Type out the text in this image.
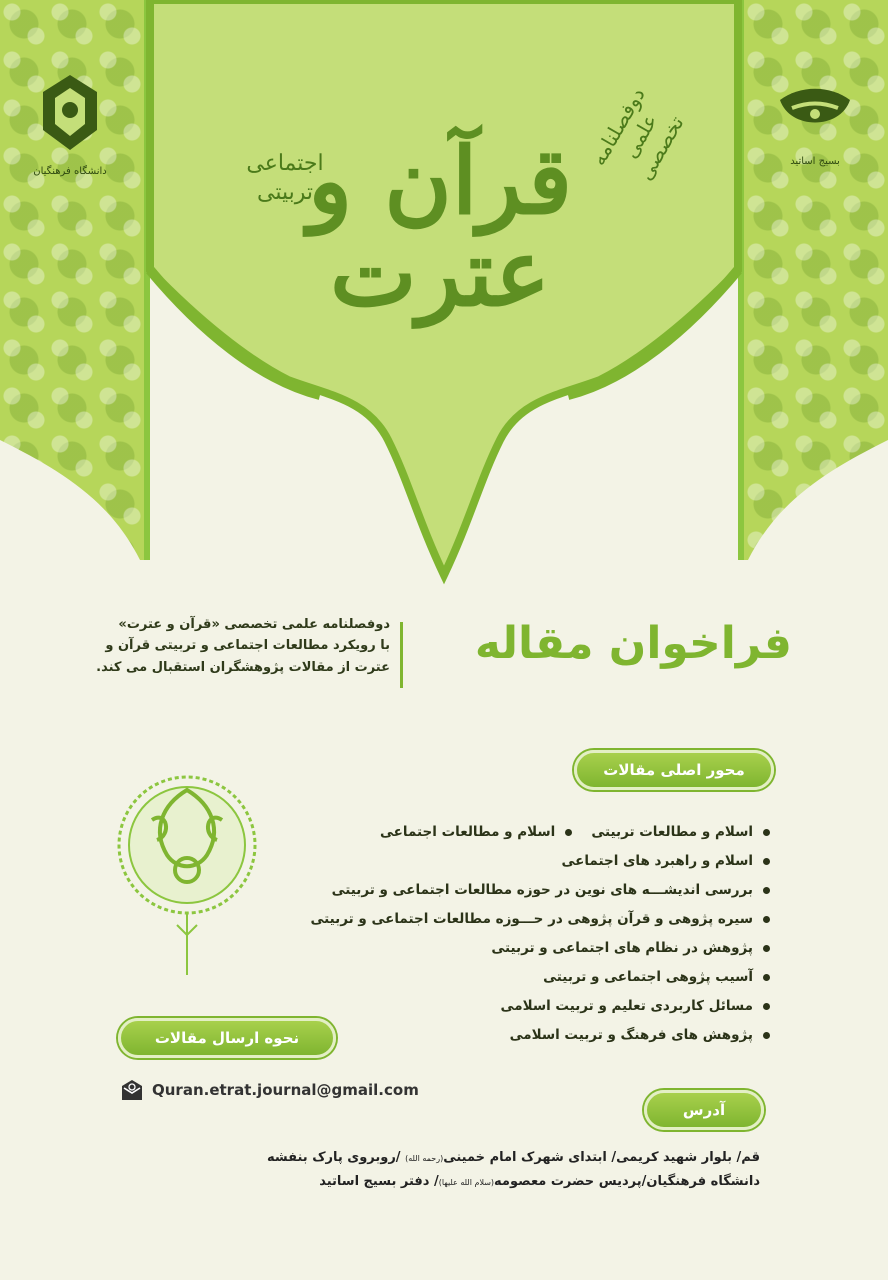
دانشگاه فرهنگیان
بسیج اساتید
اجتماعی
تربیتی
قرآن و عترت
دوفصلنامه علمی تخصصی
فراخوان مقاله
دوفصلنامه علمی تخصصی «قرآن و عترت»
با رویکرد مطالعات اجتماعی و تربیتی قرآن و
عترت از مقالات پژوهشگران استقبال می کند.
محور اصلی مقالات
اسلام و مطالعات تربیتی
اسلام و راهبرد های اجتماعی
بررسی اندیشـــه های نوین در حوزه مطالعات اجتماعی و تربیتی
سیره پژوهی و قرآن پژوهی در حـــوزه مطالعات اجتماعی و تربیتی
پژوهش در نظام های اجتماعی و تربیتی
آسیب پژوهی اجتماعی و تربیتی
مسائل کاربردی تعلیم و تربیت اسلامی
پژوهش های فرهنگ و تربیت اسلامی
اسلام و مطالعات اجتماعی
نحوه ارسال مقالات
Quran.etrat.journal@gmail.com
آدرس
قم/ بلوار شهید کریمی/ ابتدای شهرک امام خمینی(رحمه الله) /روبروی پارک بنفشه
دانشگاه فرهنگیان/پردیس حضرت معصومه(سلام الله علیها)/ دفتر بسیج اساتید
